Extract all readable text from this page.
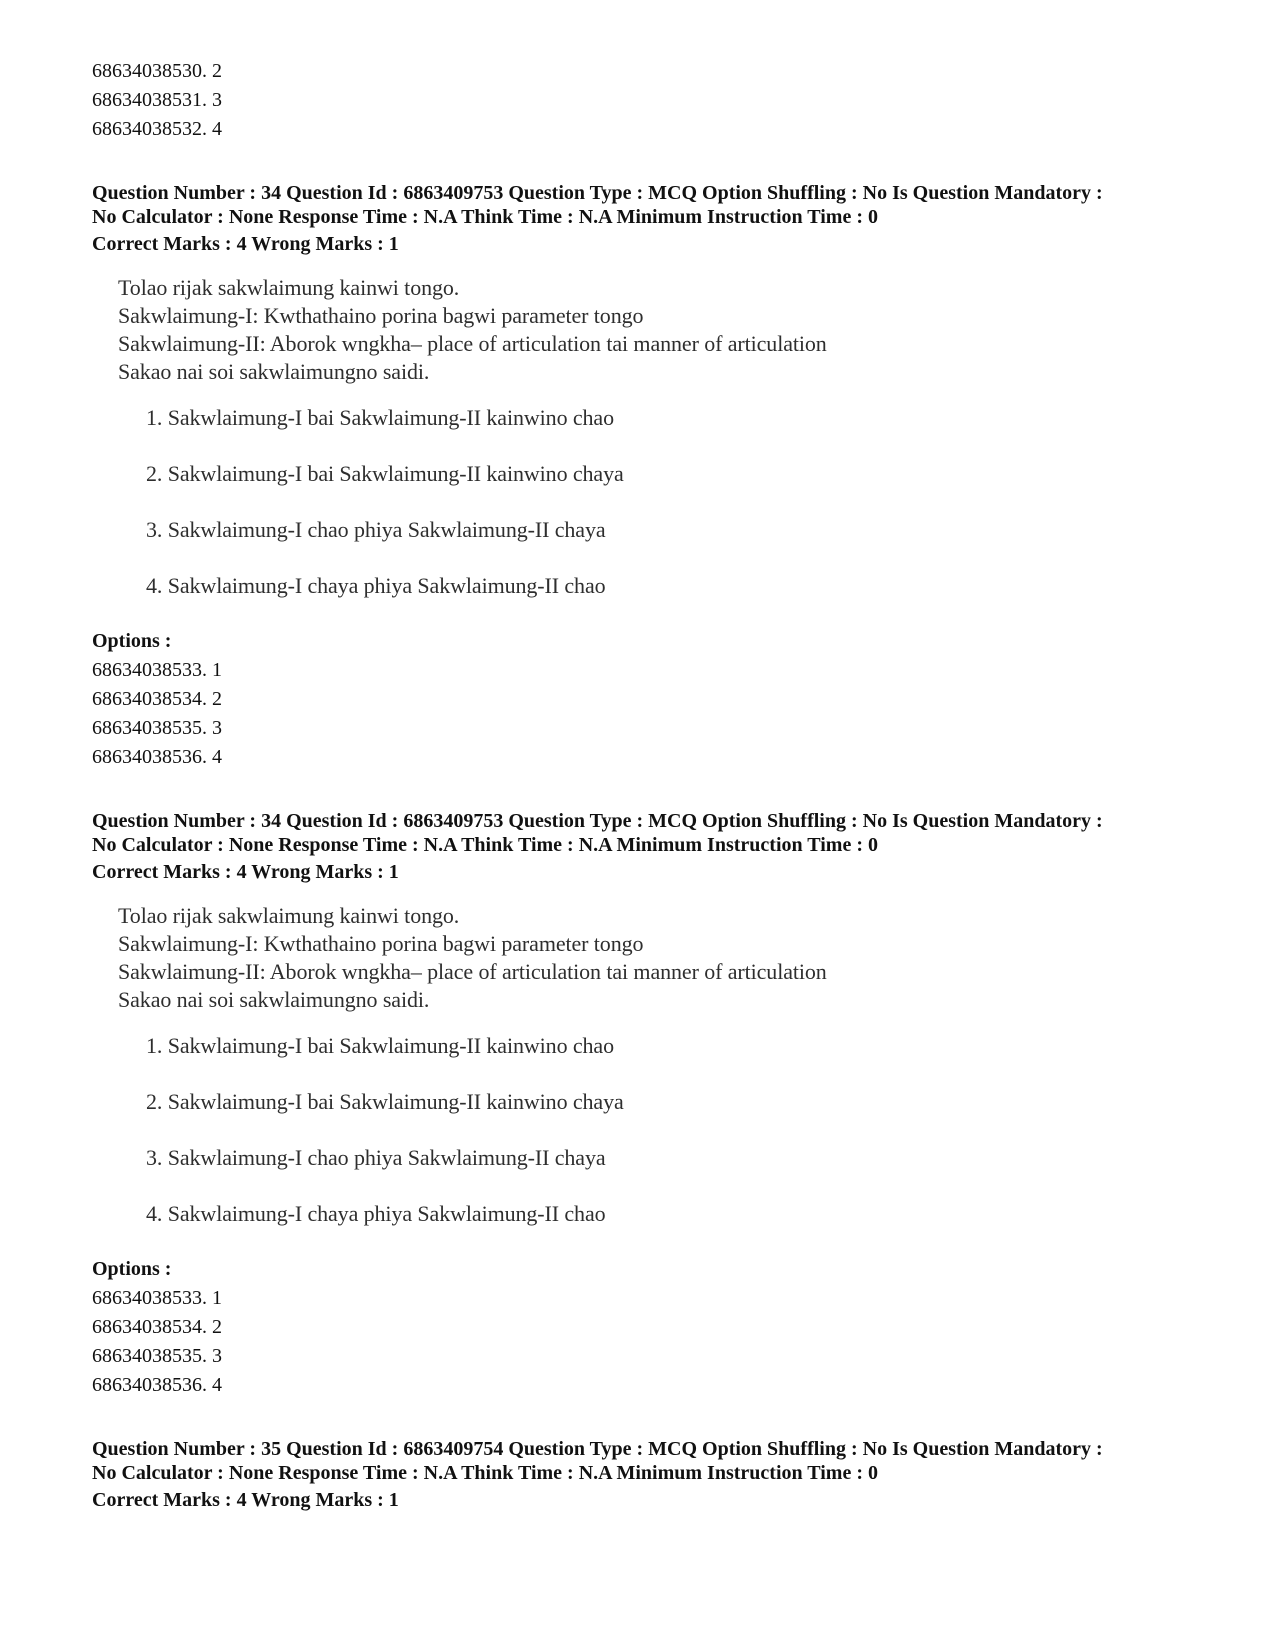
68634038530. 2
68634038531. 3
68634038532. 4
Question Number : 34 Question Id : 6863409753 Question Type : MCQ Option Shuffling : No Is Question Mandatory :
No Calculator : None Response Time : N.A Think Time : N.A Minimum Instruction Time : 0
Correct Marks : 4 Wrong Marks : 1
Tolao rijak sakwlaimung kainwi tongo.
Sakwlaimung-I: Kwthathaino porina bagwi parameter tongo
Sakwlaimung-II: Aborok wngkha– place of articulation tai manner of articulation
Sakao nai soi sakwlaimungno saidi.
1. Sakwlaimung-I bai Sakwlaimung-II kainwino chao
2. Sakwlaimung-I bai Sakwlaimung-II kainwino chaya
3. Sakwlaimung-I chao phiya Sakwlaimung-II chaya
4. Sakwlaimung-I chaya phiya Sakwlaimung-II chao
Options :
68634038533. 1
68634038534. 2
68634038535. 3
68634038536. 4
Question Number : 34 Question Id : 6863409753 Question Type : MCQ Option Shuffling : No Is Question Mandatory :
No Calculator : None Response Time : N.A Think Time : N.A Minimum Instruction Time : 0
Correct Marks : 4 Wrong Marks : 1
Tolao rijak sakwlaimung kainwi tongo.
Sakwlaimung-I: Kwthathaino porina bagwi parameter tongo
Sakwlaimung-II: Aborok wngkha– place of articulation tai manner of articulation
Sakao nai soi sakwlaimungno saidi.
1. Sakwlaimung-I bai Sakwlaimung-II kainwino chao
2. Sakwlaimung-I bai Sakwlaimung-II kainwino chaya
3. Sakwlaimung-I chao phiya Sakwlaimung-II chaya
4. Sakwlaimung-I chaya phiya Sakwlaimung-II chao
Options :
68634038533. 1
68634038534. 2
68634038535. 3
68634038536. 4
Question Number : 35 Question Id : 6863409754 Question Type : MCQ Option Shuffling : No Is Question Mandatory :
No Calculator : None Response Time : N.A Think Time : N.A Minimum Instruction Time : 0
Correct Marks : 4 Wrong Marks : 1
